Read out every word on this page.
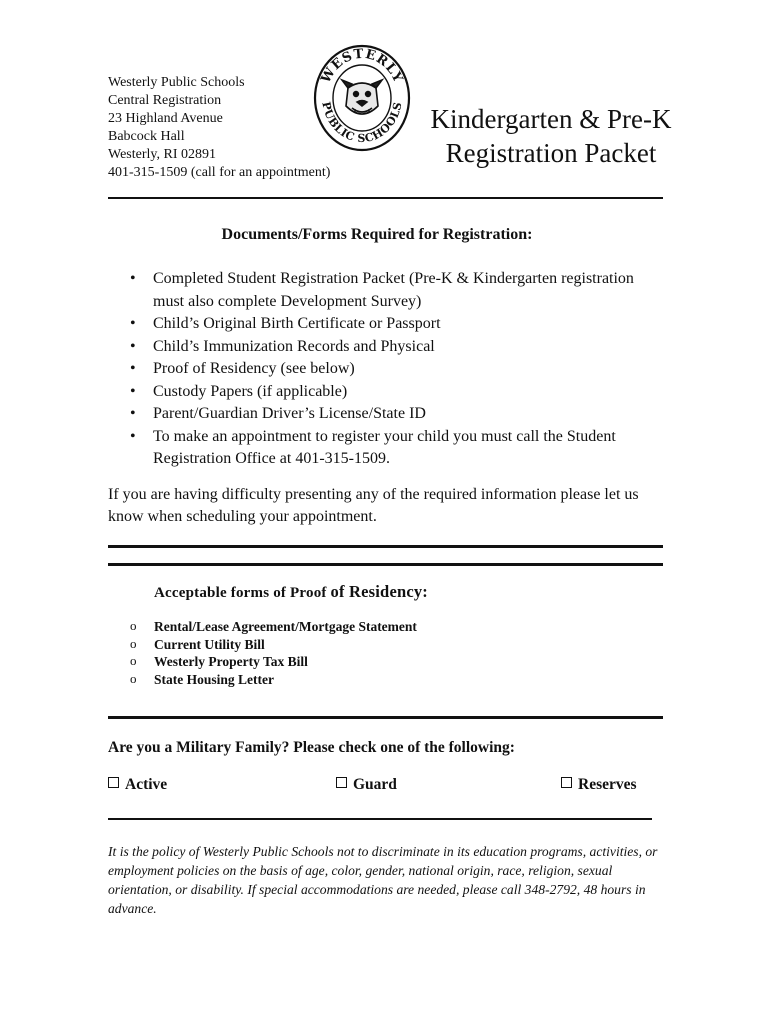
Westerly Public Schools
Central Registration
23 Highland Avenue
Babcock Hall
Westerly, RI 02891
401-315-1509 (call for an appointment)
WESTERLY
PUBLIC SCHOOLS Kindergarten & Pre-K
Registration Packet
Documents/Forms Required for Registration:
• Completed Student Registration Packet (Pre-K & Kindergarten registration must also complete Development Survey)
• Child’s Original Birth Certificate or Passport
• Child’s Immunization Records and Physical
• Proof of Residency (see below)
• Custody Papers (if applicable)
• Parent/Guardian Driver’s License/State ID
• To make an appointment to register your child you must call the Student Registration Office at 401-315-1509.
If you are having difficulty presenting any of the required information please let us know when scheduling your appointment.
Acceptable forms of Proof of Residency:
o Rental/Lease Agreement/Mortgage Statement
o Current Utility Bill
o Westerly Property Tax Bill
o State Housing Letter
Are you a Military Family? Please check one of the following:
Active	Guard	Reserves
It is the policy of Westerly Public Schools not to discriminate in its education programs, activities, or employment policies on the basis of age, color, gender, national origin, race, religion, sexual orientation, or disability. If special accommodations are needed, please call 348-2792, 48 hours in advance.
